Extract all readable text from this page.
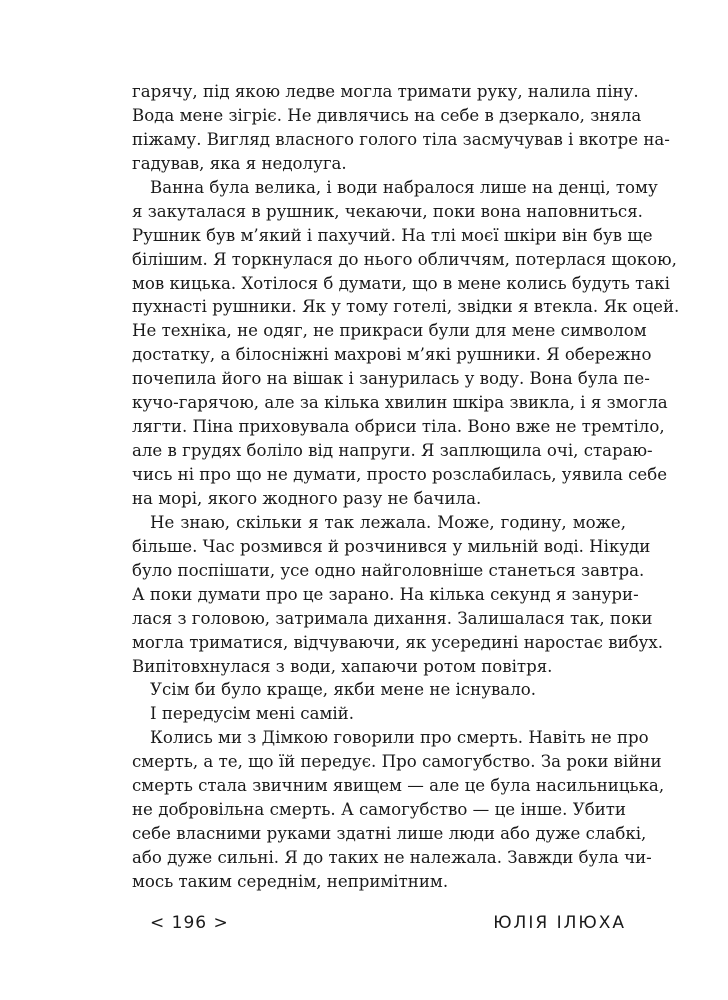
гарячу, під якою ледве могла тримати руку, налила піну.
Вода мене зігріє. Не дивлячись на себе в дзеркало, зняла
піжаму. Вигляд власного голого тіла засмучував і вкотре на-
гадував, яка я недолуга.
Ванна була велика, і води набралося лише на денці, тому
я закуталася в рушник, чекаючи, поки вона наповниться.
Рушник був м’який і пахучий. На тлі моєї шкіри він був ще
білішим. Я торкнулася до нього обличчям, потерлася щокою,
мов кицька. Хотілося б думати, що в мене колись будуть такі
пухнасті рушники. Як у тому готелі, звідки я втекла. Як оцей.
Не техніка, не одяг, не прикраси були для мене символом
достатку, а білосніжні махрові м’які рушники. Я обережно
почепила його на вішак і занурилась у воду. Вона була пе-
кучо-гарячою, але за кілька хвилин шкіра звикла, і я змогла
лягти. Піна приховувала обриси тіла. Воно вже не тремтіло,
але в грудях боліло від напруги. Я заплющила очі, стараю-
чись ні про що не думати, просто розслабилась, уявила себе
на морі, якого жодного разу не бачила.
Не знаю, скільки я так лежала. Може, годину, може,
більше. Час розмився й розчинився у мильній воді. Нікуди
було поспішати, усе одно найголовніше станеться завтра.
А поки думати про це зарано. На кілька секунд я занури-
лася з головою, затримала дихання. Залишалася так, поки
могла триматися, відчуваючи, як усередині наростає вибух.
Випітовхнулася з води, хапаючи ротом повітря.
Усім би було краще, якби мене не існувало.
І передусім мені самій.
Колись ми з Дімкою говорили про смерть. Навіть не про
смерть, а те, що їй передує. Про самогубство. За роки війни
смерть стала звичним явищем — але це була насильницька,
не добровільна смерть. А самогубство — це інше. Убити
себе власними руками здатні лише люди або дуже слабкі,
або дуже сильні. Я до таких не належала. Завжди була чи-
мось таким середнім, непримітним.
< 196 >	ЮЛІЯ ІЛЮХА
